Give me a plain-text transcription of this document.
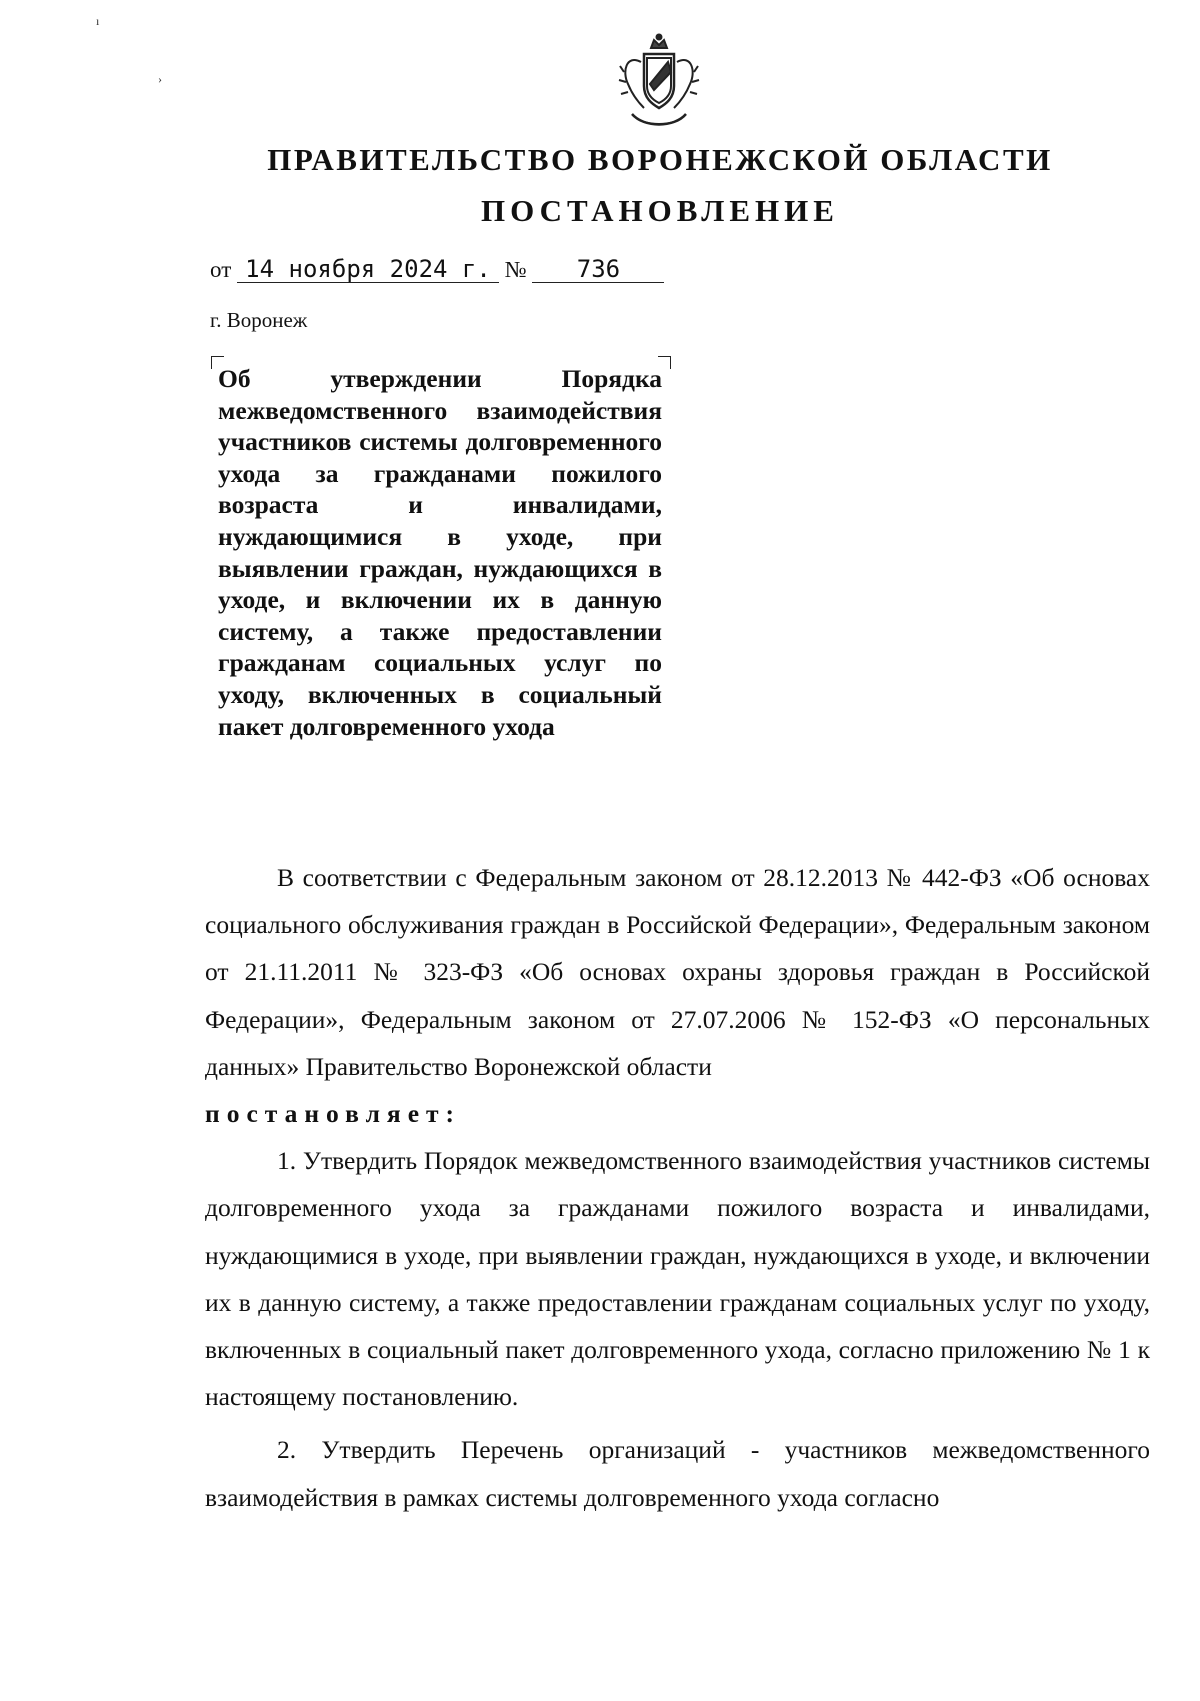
ı
›
ПРАВИТЕЛЬСТВО ВОРОНЕЖСКОЙ ОБЛАСТИ
ПОСТАНОВЛЕНИЕ
от 14 ноября 2024 г. № 736
г. Воронеж
Об утверждении Порядка межведомственного взаимодействия участников системы долговременного ухода за гражданами пожилого возраста и инвалидами, нуждающимися в уходе, при выявлении граждан, нуждающихся в уходе, и включении их в данную систему, а также предоставлении гражданам социальных услуг по уходу, включенных в социальный пакет долговременного ухода

В соответствии с Федеральным законом от 28.12.2013 № 442-ФЗ «Об основах социального обслуживания граждан в Российской Федерации», Федеральным законом от 21.11.2011 № 323-ФЗ «Об основах охраны здоровья граждан в Российской Федерации», Федеральным законом от 27.07.2006 № 152-ФЗ «О персональных данных» Правительство Воронежской области

постановляет:

1. Утвердить Порядок межведомственного взаимодействия участников системы долговременного ухода за гражданами пожилого возраста и инвалидами, нуждающимися в уходе, при выявлении граждан, нуждающихся в уходе, и включении их в данную систему, а также предоставлении гражданам социальных услуг по уходу, включенных в социальный пакет долговременного ухода, согласно приложению № 1 к настоящему постановлению.

2. Утвердить Перечень организаций - участников межведомственного взаимодействия в рамках системы долговременного ухода согласно
